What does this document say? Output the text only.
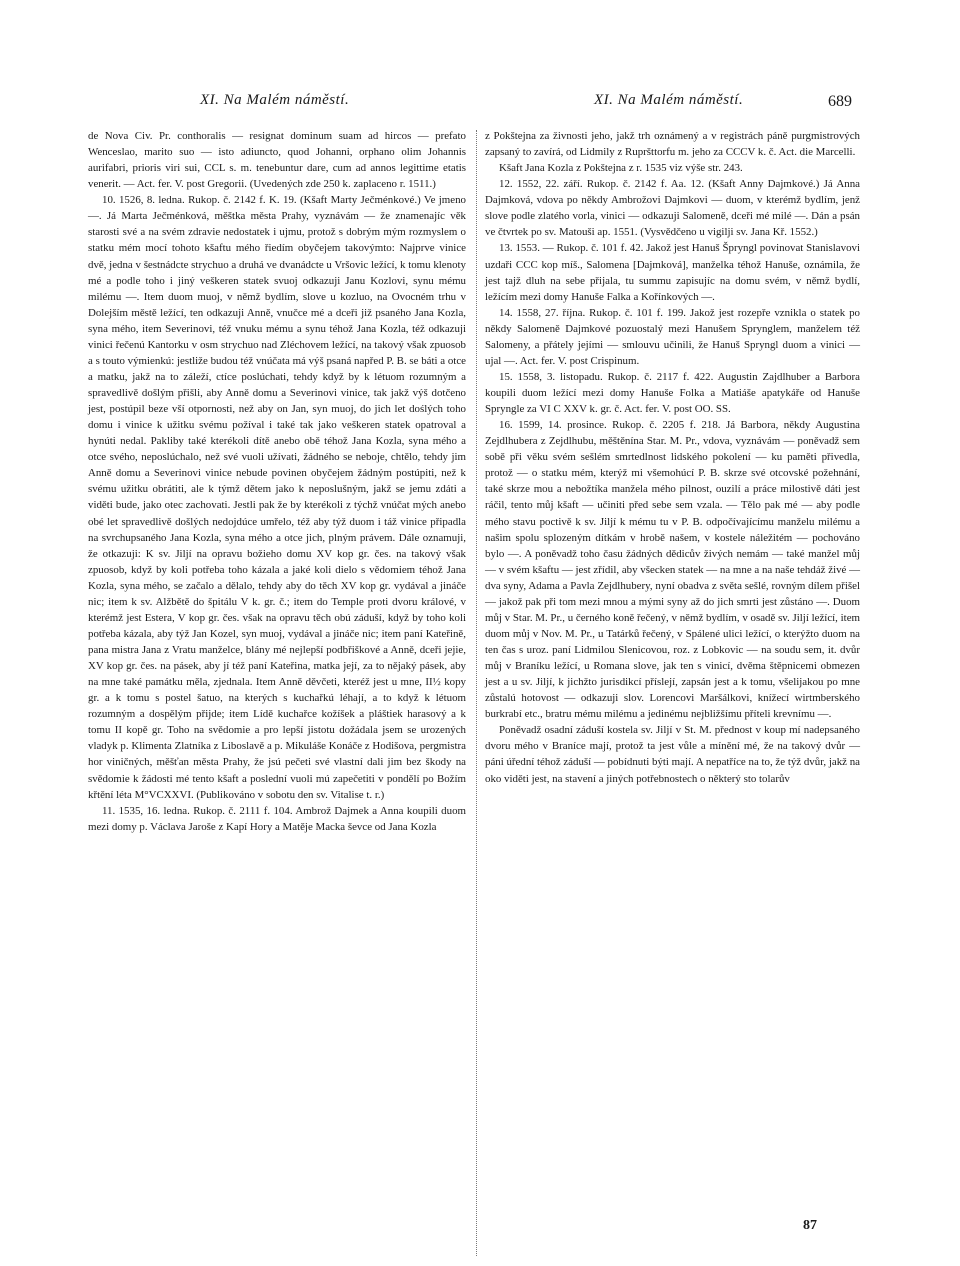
XI. Na Malém náměstí.	XI. Na Malém náměstí.	689

de Nova Civ. Pr. conthoralis — resignat dominum suam ad hircos — prefato Wenceslao, marito suo — isto adiuncto, quod Johanni, orphano olim Johannis aurifabri, prioris viri sui, CCL s. m. tenebuntur dare, cum ad annos legittime etatis venerit. — Act. fer. V. post Gregorii. (Uvedených zde 250 k. zaplaceno r. 1511.)

10. 1526, 8. ledna. Rukop. č. 2142 f. K. 19. (Kšaft Marty Ječménkové.) Ve jmeno —. Já Marta Ječménková, měštka města Prahy, vyznávám — že znamenajíc věk starosti své a na svém zdravie nedostatek i ujmu, protož s dobrým mým rozmyslem o statku mém mocí tohoto kšaftu mého řiedím obyčejem takovýmto: Najprve vinice dvě, jedna v šestnádcte strychuo a druhá ve dvanádcte u Vršovic ležící, k tomu klenoty mé a podle toho i jiný veškeren statek svuoj odkazuji Janu Kozlovi, synu mému milému —. Item duom muoj, v němž bydlím, slove u kozluo, na Ovocném trhu v Dolejším městě ležící, ten odkazuji Anně, vnučce mé a dceři již psaného Jana Kozla, syna mého, item Severinovi, též vnuku mému a synu téhož Jana Kozla, též odkazuji vinici řečenú Kantorku v osm strychuo nad Zléchovem ležící, na takový však zpuosob a s touto výmienkú: jestliže budou též vnúčata má výš psaná napřed P. B. se báti a otce a matku, jakž na to záleží, ctíce poslúchati, tehdy když by k létuom rozumným a spravedlivě došlým přišli, aby Anně domu a Severinovi vinice, tak jakž výš dotčeno jest, postúpil beze vší otpornosti, než aby on Jan, syn muoj, do jich let doślých toho domu i vinice k užitku svému požíval i také tak jako veškeren statek opatroval a hynúti nedal. Pakliby také kterékoli dítě anebo obě téhož Jana Kozla, syna mého a otce svého, neposlúchalo, než své vuoli užívati, žádného se neboje, chtělo, tehdy jim Anně domu a Severinovi vinice nebude povinen obyčejem žádným postúpiti, než k svému užitku obrátiti, ale k týmž dětem jako k neposlušným, jakž se jemu zdáti a viděti bude, jako otec zachovati. Jestli pak že by kterékoli z týchž vnúčat mých anebo obé let spravedlivě došlých nedojdúce umřelo, též aby týž duom i táž vinice připadla na svrchupsaného Jana Kozla, syna mého a otce jich, plným právem. Dále oznamuji, že otkazuji: K sv. Jiljí na opravu božieho domu XV kop gr. čes. na takový však zpuosob, když by koli potřeba toho kázala a jaké koli dielo s vědomiem téhož Jana Kozla, syna mého, se začalo a dělalo, tehdy aby do těch XV kop gr. vydával a jináče nic; item k sv. Alžbětě do špitálu V k. gr. č.; item do Temple proti dvoru králové, v kterémž jest Estera, V kop gr. čes. však na opravu těch obú záduší, když by toho koli potřeba kázala, aby týž Jan Kozel, syn muoj, vydával a jináče nic; item paní Kateřině, pana mistra Jana z Vratu manželce, blány mé nejlepší podbřiškové a Anně, dceři jejie, XV kop gr. čes. na pásek, aby jí též paní Kateřina, matka její, za to nějaký pásek, aby na mne také památku měla, zjednala. Item Anně děvčeti, kteréž jest u mne, II½ kopy gr. a k tomu s postel šatuo, na kterých s kuchařkú léhají, a to když k létuom rozumným a dospělým přijde; item Lídě kuchařce kožíšek a pláštiek harasový a k tomu II kopě gr. Toho na svědomie a pro lepší jistotu dožádala jsem se urozených vladyk p. Klimenta Zlatníka z Liboslavě a p. Mikuláše Konáče z Hodišova, pergmistra hor viničných, měšťan města Prahy, že jsú pečeti své vlastní dali jim bez škody na svědomie k žádosti mé tento kšaft a poslední vuoli mú zapečetiti v pondělí po Božím křtění léta M°VCXXVI. (Publikováno v sobotu den sv. Vitalise t. r.)

11. 1535, 16. ledna. Rukop. č. 2111 f. 104. Ambrož Dajmek a Anna koupili duom mezi domy p. Václava Jaroše z Kapí Hory a Matěje Macka ševce od Jana Kozla

z Pokštejna za živnosti jeho, jakž trh oznámený a v registrách páně purgmistrových zapsaný to zavírá, od Lidmily z Rupršttorfu m. jeho za CCCV k. č. Act. die Marcelli.

Kšaft Jana Kozla z Pokštejna z r. 1535 viz výše str. 243.

12. 1552, 22. září. Rukop. č. 2142 f. Aa. 12. (Kšaft Anny Dajmkové.) Já Anna Dajmková, vdova po někdy Ambrožovi Dajmkovi — duom, v kterémž bydlím, jenž slove podle zlatého vorla, vinici — odkazuji Salomeně, dceři mé milé —. Dán a psán ve čtvrtek po sv. Matouši ap. 1551. (Vysvědčeno u vigilji sv. Jana Kř. 1552.)

13. 1553. — Rukop. č. 101 f. 42. Jakož jest Hanuš Špryngl povinovat Stanislavovi uzdaři CCC kop míš., Salomena [Dajmková], manželka téhož Hanuše, oznámila, že jest tajž dluh na sebe přijala, tu summu zapisujíc na domu svém, v němž bydlí, ležícím mezi domy Hanuše Falka a Kořínkových —.

14. 1558, 27. října. Rukop. č. 101 f. 199. Jakož jest rozepře vznikla o statek po někdy Salomeně Dajmkové pozuostalý mezi Hanušem Sprynglem, manželem též Salomeny, a přátely jejími — smlouvu učinili, že Hanuš Spryngl duom a vinici — ujal —. Act. fer. V. post Crispinum.

15. 1558, 3. listopadu. Rukop. č. 2117 f. 422. Augustin Zajdlhuber a Barbora koupili duom ležící mezi domy Hanuše Folka a Matiáše apatykáře od Hanuše Spryngle za VI C XXV k. gr. č. Act. fer. V. post OO. SS.

16. 1599, 14. prosince. Rukop. č. 2205 f. 218. Já Barbora, někdy Augustina Zejdlhubera z Zejdlhubu, měštěnína Star. M. Pr., vdova, vyznávám — poněvadž sem sobě při věku svém sešlém smrtedlnost lidského pokolení — ku paměti přivedla, protož — o statku mém, kterýž mi všemohúcí P. B. skrze své otcovské požehnání, také skrze mou a nebožtíka manžela mého pilnost, ouzilí a práce milostivě dáti jest ráčil, tento můj kšaft — učiniti před sebe sem vzala. — Tělo pak mé — aby podle mého stavu poctivě k sv. Jiljí k mému tu v P. B. odpočívajícímu manželu milému a našim spolu splozeným dítkám v hrobě našem, v kostele náležitém — pochováno bylo —. A poněvadž toho času žádných dědicův živých nemám — také manžel můj — v svém kšaftu — jest zřídil, aby všecken statek — na mne a na naše tehdáž živé — dva syny, Adama a Pavla Zejdlhubery, nyní obadva z světa sešlé, rovným dílem přišel — jakož pak při tom mezi mnou a mými syny až do jich smrti jest zůstáno —. Duom můj v Star. M. Pr., u černého koně řečený, v němž bydlím, v osadě sv. Jiljí ležící, item duom můj v Nov. M. Pr., u Tatárků řečený, v Spálené ulici ležící, o kterýžto duom na ten čas s uroz. paní Lidmilou Slenicovou, roz. z Lobkovic — na soudu sem, it. dvůr můj v Braníku ležící, u Romana slove, jak ten s vinicí, dvěma štěpnicemi obmezen jest a u sv. Jiljí, k jichžto jurisdikcí příslejí, zapsán jest a k tomu, všelijakou po mne zůstalú hotovost — odkazuji slov. Lorencovi Maršálkovi, knížecí wirtmberského burkrabí etc., bratru mému milému a jedinému nejbližšímu příteli krevnímu —.

Poněvadž osadní záduší kostela sv. Jiljí v St. M. přednost v koup mí nadepsaného dvoru mého v Braníce mají, protož ta jest vůle a mínění mé, že na takový dvůr — páni úřední téhož záduší — pobídnuti býti mají. A nepatříce na to, že týž dvůr, jakž na oko viděti jest, na stavení a jiných potřebnostech o některý sto tolarův

87
